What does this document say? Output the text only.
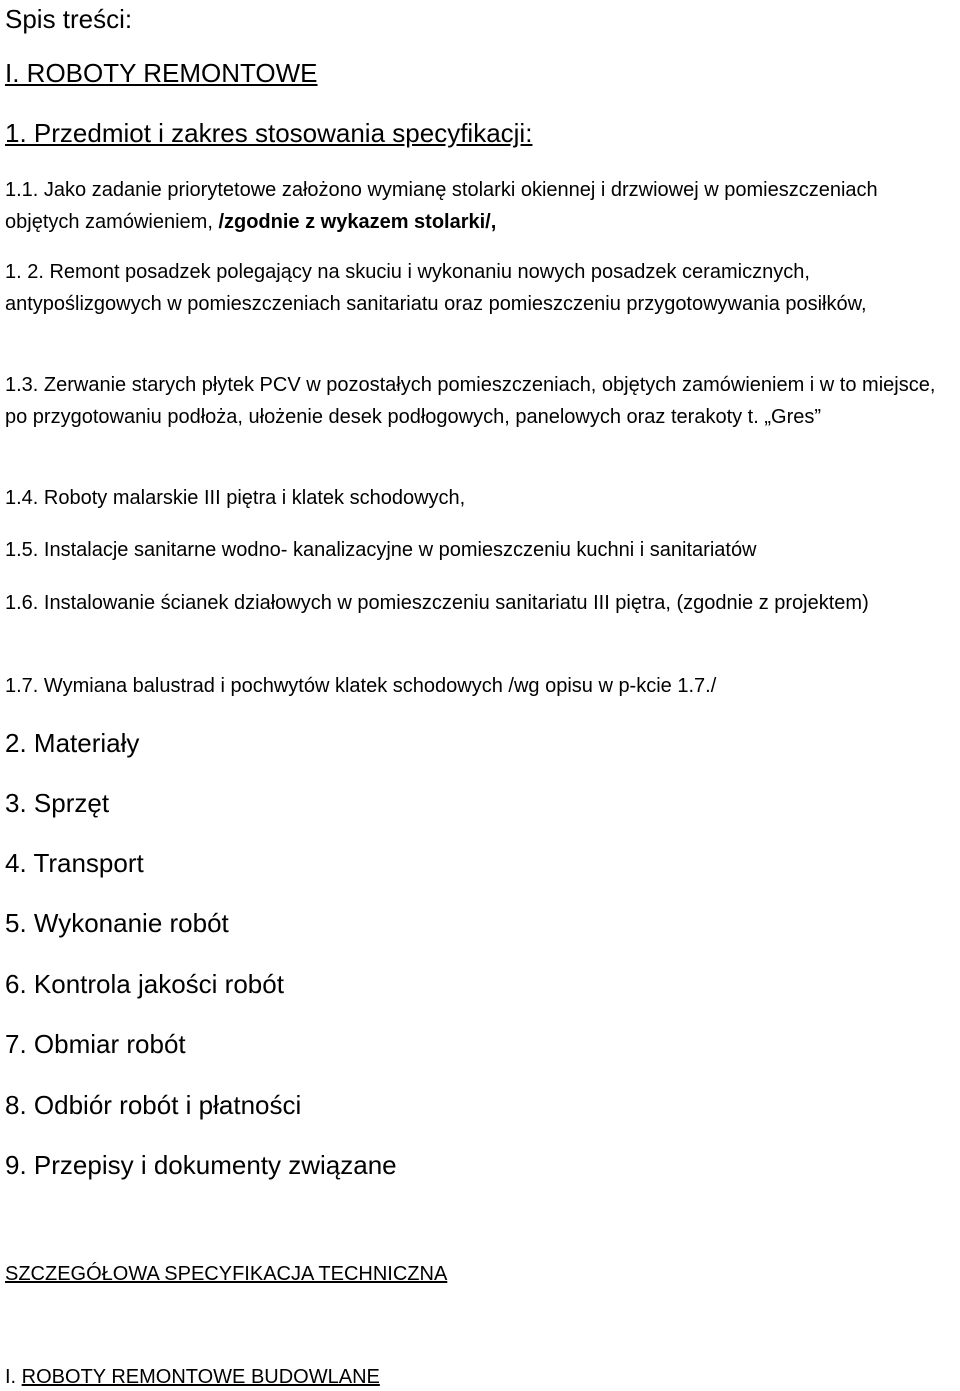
Spis treści:

I. ROBOTY REMONTOWE

1. Przedmiot i zakres stosowania specyfikacji:

1.1. Jako zadanie priorytetowe założono wymianę stolarki okiennej i drzwiowej w pomieszczeniach objętych zamówieniem, /zgodnie z wykazem stolarki/,

1. 2. Remont posadzek polegający na skuciu i wykonaniu nowych posadzek ceramicznych, antypoślizgowych w pomieszczeniach sanitariatu oraz pomieszczeniu przygotowywania posiłków,

1.3. Zerwanie starych płytek PCV w pozostałych pomieszczeniach, objętych zamówieniem i w to miejsce, po przygotowaniu podłoża, ułożenie desek podłogowych, panelowych oraz terakoty t. „Gres”

1.4. Roboty malarskie III piętra i klatek schodowych,

1.5. Instalacje sanitarne wodno- kanalizacyjne w pomieszczeniu kuchni i sanitariatów

1.6. Instalowanie ścianek działowych w pomieszczeniu sanitariatu III piętra, (zgodnie z projektem)

1.7. Wymiana balustrad i pochwytów klatek schodowych /wg opisu w p-kcie 1.7./

2. Materiały

3. Sprzęt

4. Transport

5. Wykonanie robót

6. Kontrola jakości robót

7. Obmiar robót

8. Odbiór robót i płatności

9. Przepisy i dokumenty związane

SZCZEGÓŁOWA SPECYFIKACJA TECHNICZNA

I. ROBOTY REMONTOWE BUDOWLANE
